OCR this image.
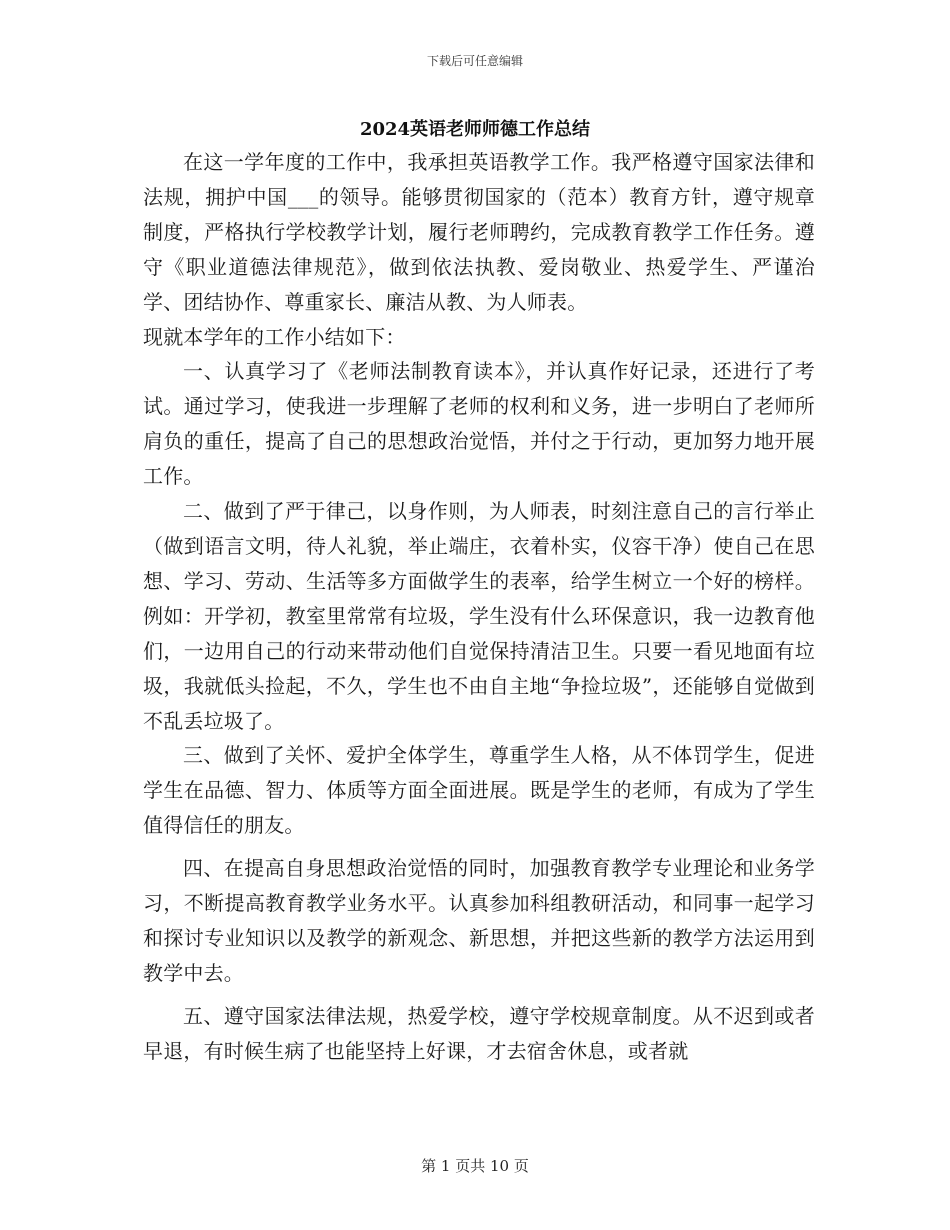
下载后可任意编辑
2024英语老师师德工作总结

在这一学年度的工作中，我承担英语教学工作。我严格遵守国家法律和法规，拥护中国___的领导。能够贯彻国家的（范本）教育方针，遵守规章制度，严格执行学校教学计划，履行老师聘约，完成教育教学工作任务。遵守《职业道德法律规范》，做到依法执教、爱岗敬业、热爱学生、严谨治学、团结协作、尊重家长、廉洁从教、为人师表。

现就本学年的工作小结如下：

一、认真学习了《老师法制教育读本》，并认真作好记录，还进行了考试。通过学习，使我进一步理解了老师的权利和义务，进一步明白了老师所肩负的重任，提高了自己的思想政治觉悟，并付之于行动，更加努力地开展工作。

二、做到了严于律己，以身作则，为人师表，时刻注意自己的言行举止（做到语言文明，待人礼貌，举止端庄，衣着朴实，仪容干净）使自己在思想、学习、劳动、生活等多方面做学生的表率，给学生树立一个好的榜样。例如：开学初，教室里常常有垃圾，学生没有什么环保意识，我一边教育他们，一边用自己的行动来带动他们自觉保持清洁卫生。只要一看见地面有垃圾，我就低头捡起，不久，学生也不由自主地“争捡垃圾”，还能够自觉做到不乱丢垃圾了。

三、做到了关怀、爱护全体学生，尊重学生人格，从不体罚学生，促进学生在品德、智力、体质等方面全面进展。既是学生的老师，有成为了学生值得信任的朋友。

四、在提高自身思想政治觉悟的同时，加强教育教学专业理论和业务学习，不断提高教育教学业务水平。认真参加科组教研活动，和同事一起学习和探讨专业知识以及教学的新观念、新思想，并把这些新的教学方法运用到教学中去。

五、遵守国家法律法规，热爱学校，遵守学校规章制度。从不迟到或者早退，有时候生病了也能坚持上好课，才去宿舍休息，或者就

第 1 页共 10 页
